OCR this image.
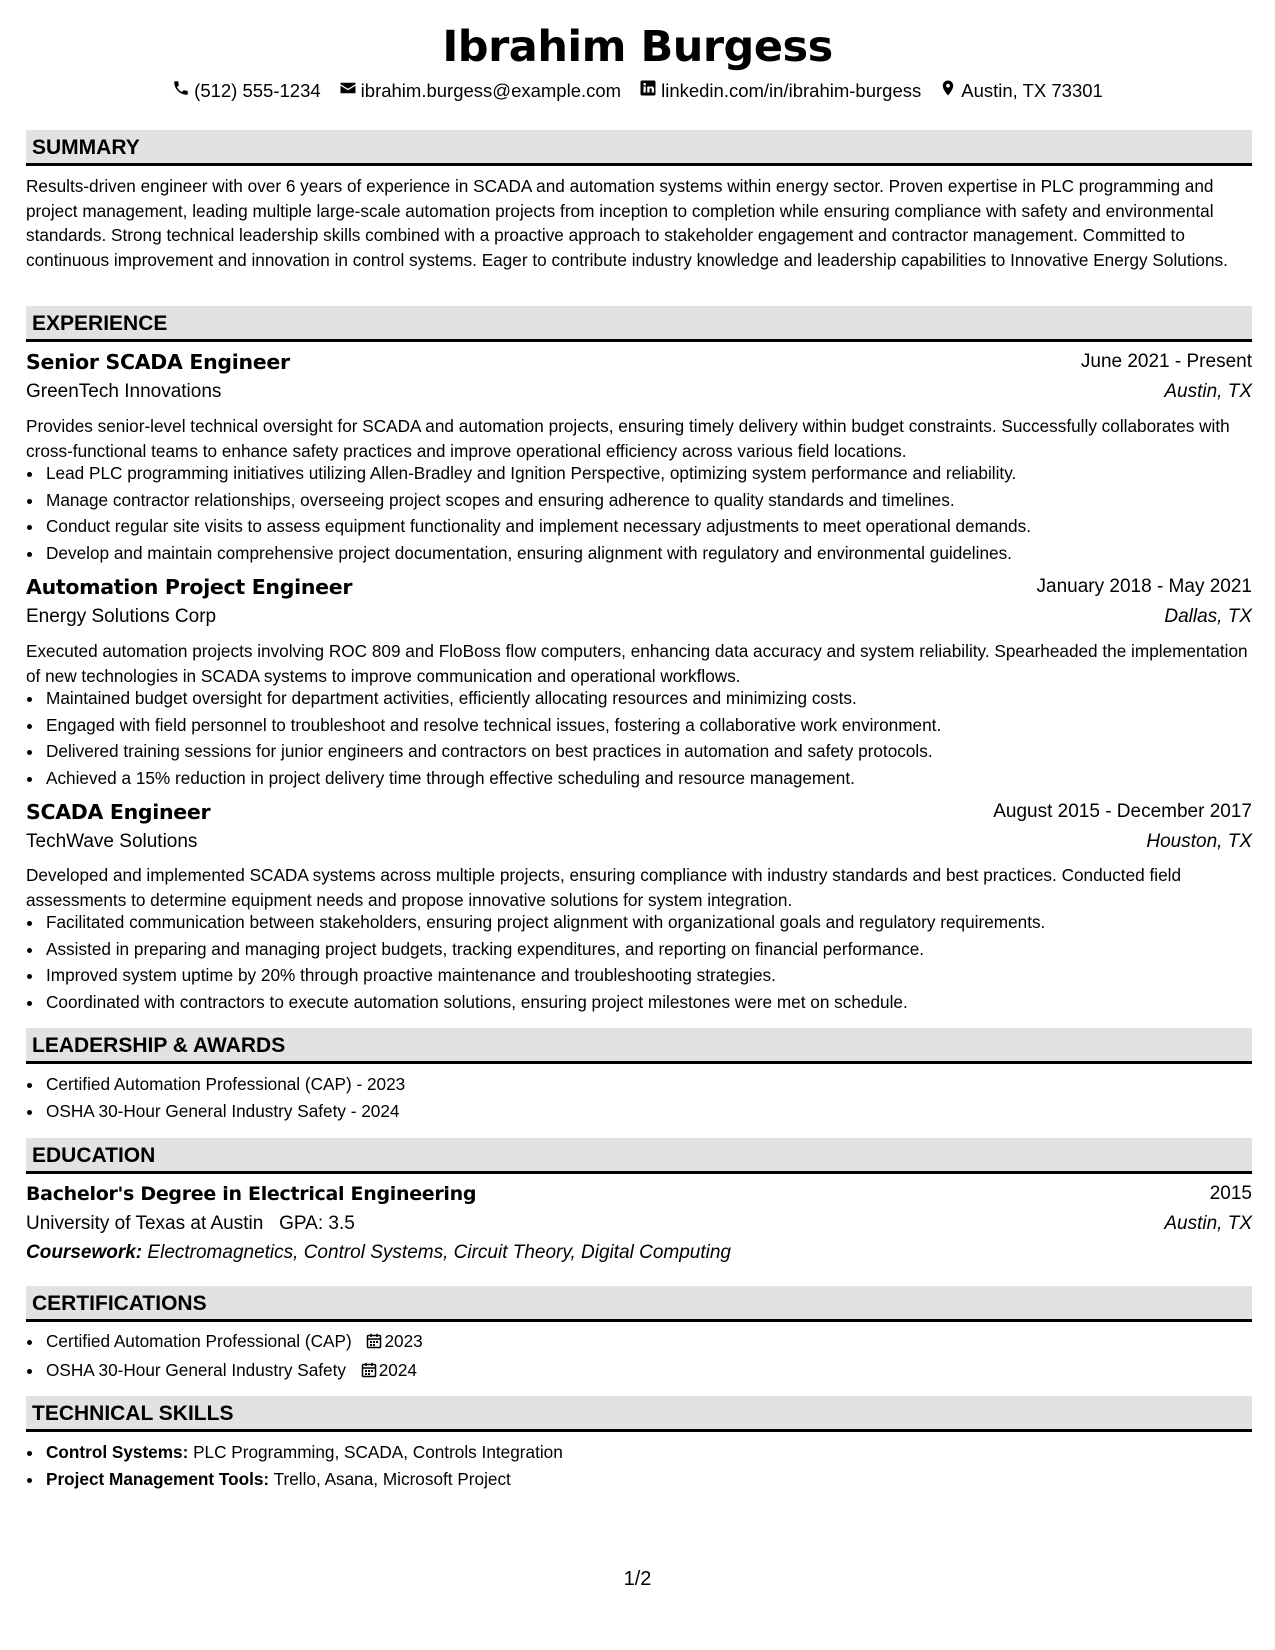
Ibrahim Burgess
(512) 555-1234 ibrahim.burgess@example.com linkedin.com/in/ibrahim-burgess Austin, TX 73301
SUMMARY
Results-driven engineer with over 6 years of experience in SCADA and automation systems within energy sector. Proven expertise in PLC programming and project management, leading multiple large-scale automation projects from inception to completion while ensuring compliance with safety and environmental standards. Strong technical leadership skills combined with a proactive approach to stakeholder engagement and contractor management. Committed to continuous improvement and innovation in control systems. Eager to contribute industry knowledge and leadership capabilities to Innovative Energy Solutions.
EXPERIENCE
Senior SCADA Engineer	June 2021 - Present
GreenTech Innovations	Austin, TX
Provides senior-level technical oversight for SCADA and automation projects, ensuring timely delivery within budget constraints. Successfully collaborates with cross-functional teams to enhance safety practices and improve operational efficiency across various field locations.
• Lead PLC programming initiatives utilizing Allen-Bradley and Ignition Perspective, optimizing system performance and reliability.
• Manage contractor relationships, overseeing project scopes and ensuring adherence to quality standards and timelines.
• Conduct regular site visits to assess equipment functionality and implement necessary adjustments to meet operational demands.
• Develop and maintain comprehensive project documentation, ensuring alignment with regulatory and environmental guidelines.
Automation Project Engineer	January 2018 - May 2021
Energy Solutions Corp	Dallas, TX
Executed automation projects involving ROC 809 and FloBoss flow computers, enhancing data accuracy and system reliability. Spearheaded the implementation of new technologies in SCADA systems to improve communication and operational workflows.
• Maintained budget oversight for department activities, efficiently allocating resources and minimizing costs.
• Engaged with field personnel to troubleshoot and resolve technical issues, fostering a collaborative work environment.
• Delivered training sessions for junior engineers and contractors on best practices in automation and safety protocols.
• Achieved a 15% reduction in project delivery time through effective scheduling and resource management.
SCADA Engineer	August 2015 - December 2017
TechWave Solutions	Houston, TX
Developed and implemented SCADA systems across multiple projects, ensuring compliance with industry standards and best practices. Conducted field assessments to determine equipment needs and propose innovative solutions for system integration.
• Facilitated communication between stakeholders, ensuring project alignment with organizational goals and regulatory requirements.
• Assisted in preparing and managing project budgets, tracking expenditures, and reporting on financial performance.
• Improved system uptime by 20% through proactive maintenance and troubleshooting strategies.
• Coordinated with contractors to execute automation solutions, ensuring project milestones were met on schedule.
LEADERSHIP & AWARDS
• Certified Automation Professional (CAP) - 2023
• OSHA 30-Hour General Industry Safety - 2024
EDUCATION
Bachelor's Degree in Electrical Engineering	2015
University of Texas at Austin GPA: 3.5	Austin, TX
Coursework: Electromagnetics, Control Systems, Circuit Theory, Digital Computing
CERTIFICATIONS
• Certified Automation Professional (CAP) 2023
• OSHA 30-Hour General Industry Safety 2024
TECHNICAL SKILLS
• Control Systems: PLC Programming, SCADA, Controls Integration
• Project Management Tools: Trello, Asana, Microsoft Project
1/2
